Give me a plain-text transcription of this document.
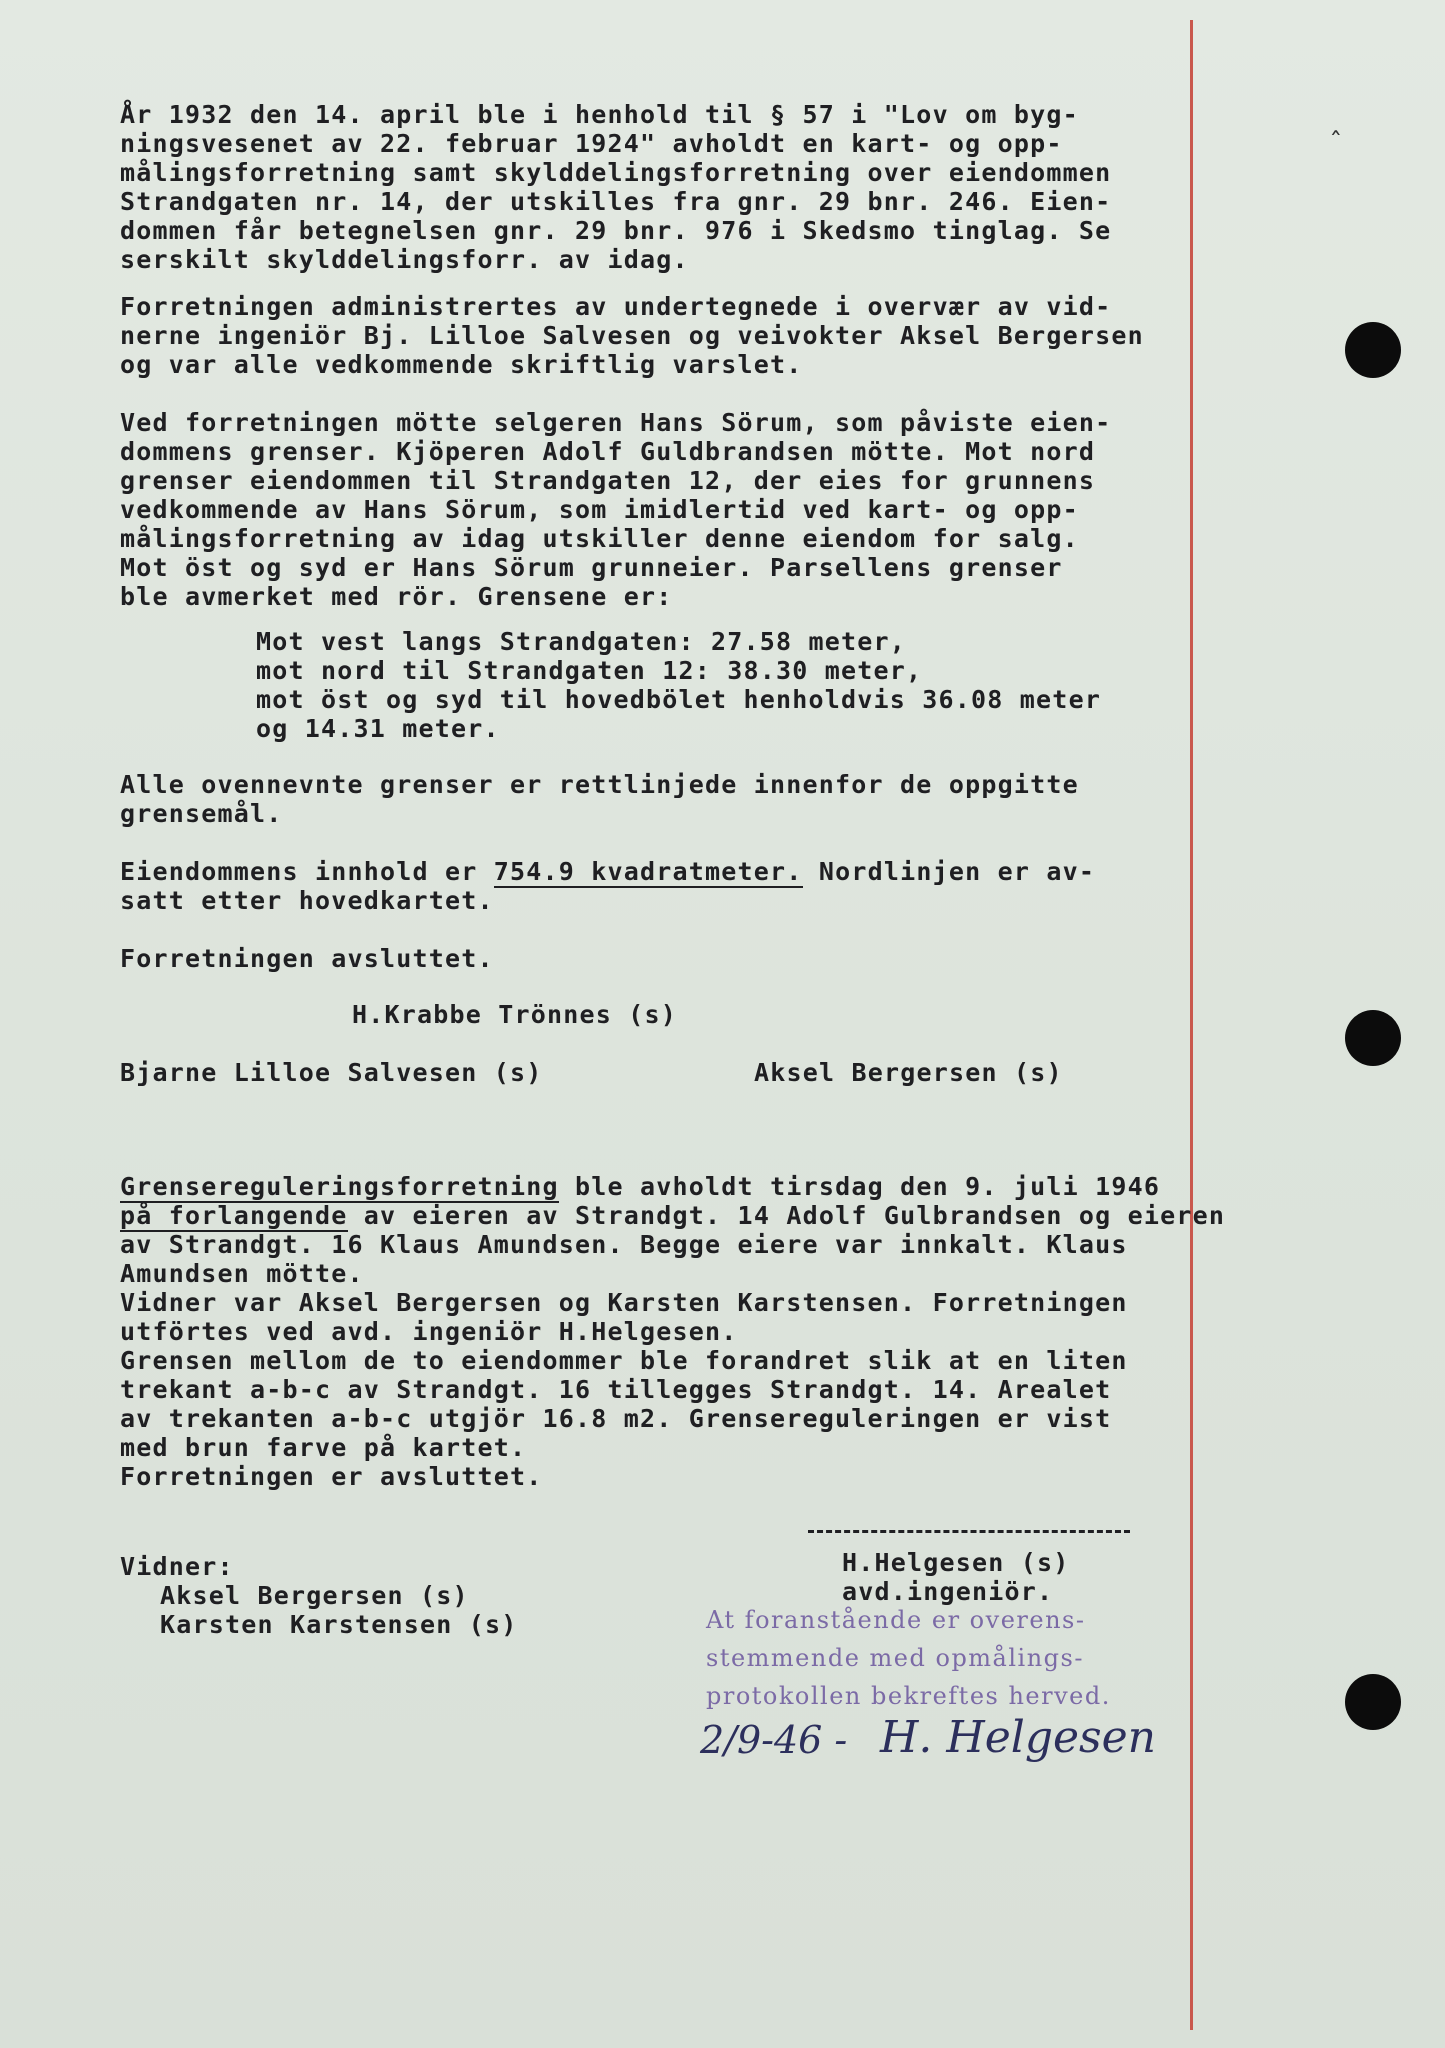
ˆ
År 1932 den 14. april ble i henhold til § 57 i "Lov om byg-
ningsvesenet av 22. februar 1924" avholdt en kart- og opp-
målingsforretning samt skylddelingsforretning over eiendommen
Strandgaten nr. 14, der utskilles fra gnr. 29 bnr. 246. Eien-
dommen får betegnelsen gnr. 29 bnr. 976 i Skedsmo tinglag. Se
serskilt skylddelingsforr. av idag.
Forretningen administrertes av undertegnede i overvær av vid-
nerne ingeniör Bj. Lilloe Salvesen og veivokter Aksel Bergersen
og var alle vedkommende skriftlig varslet.
Ved forretningen mötte selgeren Hans Sörum, som påviste eien-
dommens grenser. Kjöperen Adolf Guldbrandsen mötte. Mot nord
grenser eiendommen til Strandgaten 12, der eies for grunnens
vedkommende av Hans Sörum, som imidlertid ved kart- og opp-
målingsforretning av idag utskiller denne eiendom for salg.
Mot öst og syd er Hans Sörum grunneier. Parsellens grenser
ble avmerket med rör. Grensene er:
Mot vest langs Strandgaten: 27.58 meter,
mot nord til Strandgaten 12: 38.30 meter,
mot öst og syd til hovedbölet henholdvis 36.08 meter
og 14.31 meter.
Alle ovennevnte grenser er rettlinjede innenfor de oppgitte
grensemål.
Eiendommens innhold er 754.9 kvadratmeter. Nordlinjen er av-
satt etter hovedkartet.
Forretningen avsluttet.
H.Krabbe Trönnes (s)
Bjarne Lilloe Salvesen (s)	Aksel Bergersen (s)
Grensereguleringsforretning ble avholdt tirsdag den 9. juli 1946
på forlangende av eieren av Strandgt. 14 Adolf Gulbrandsen og eieren
av Strandgt. 16 Klaus Amundsen. Begge eiere var innkalt. Klaus
Amundsen mötte.
Vidner var Aksel Bergersen og Karsten Karstensen. Forretningen
utförtes ved avd. ingeniör H.Helgesen.
Grensen mellom de to eiendommer ble forandret slik at en liten
trekant a-b-c av Strandgt. 16 tillegges Strandgt. 14. Arealet
av trekanten a-b-c utgjör 16.8 m2. Grensereguleringen er vist
med brun farve på kartet.
Forretningen er avsluttet.
H.Helgesen (s)
avd.ingeniör.
Vidner:
Aksel Bergersen (s)
Karsten Karstensen (s)	At foranstående er overens-
stemmende med opmålings-
protokollen bekreftes herved.
2/9-46 - H. Helgesen
